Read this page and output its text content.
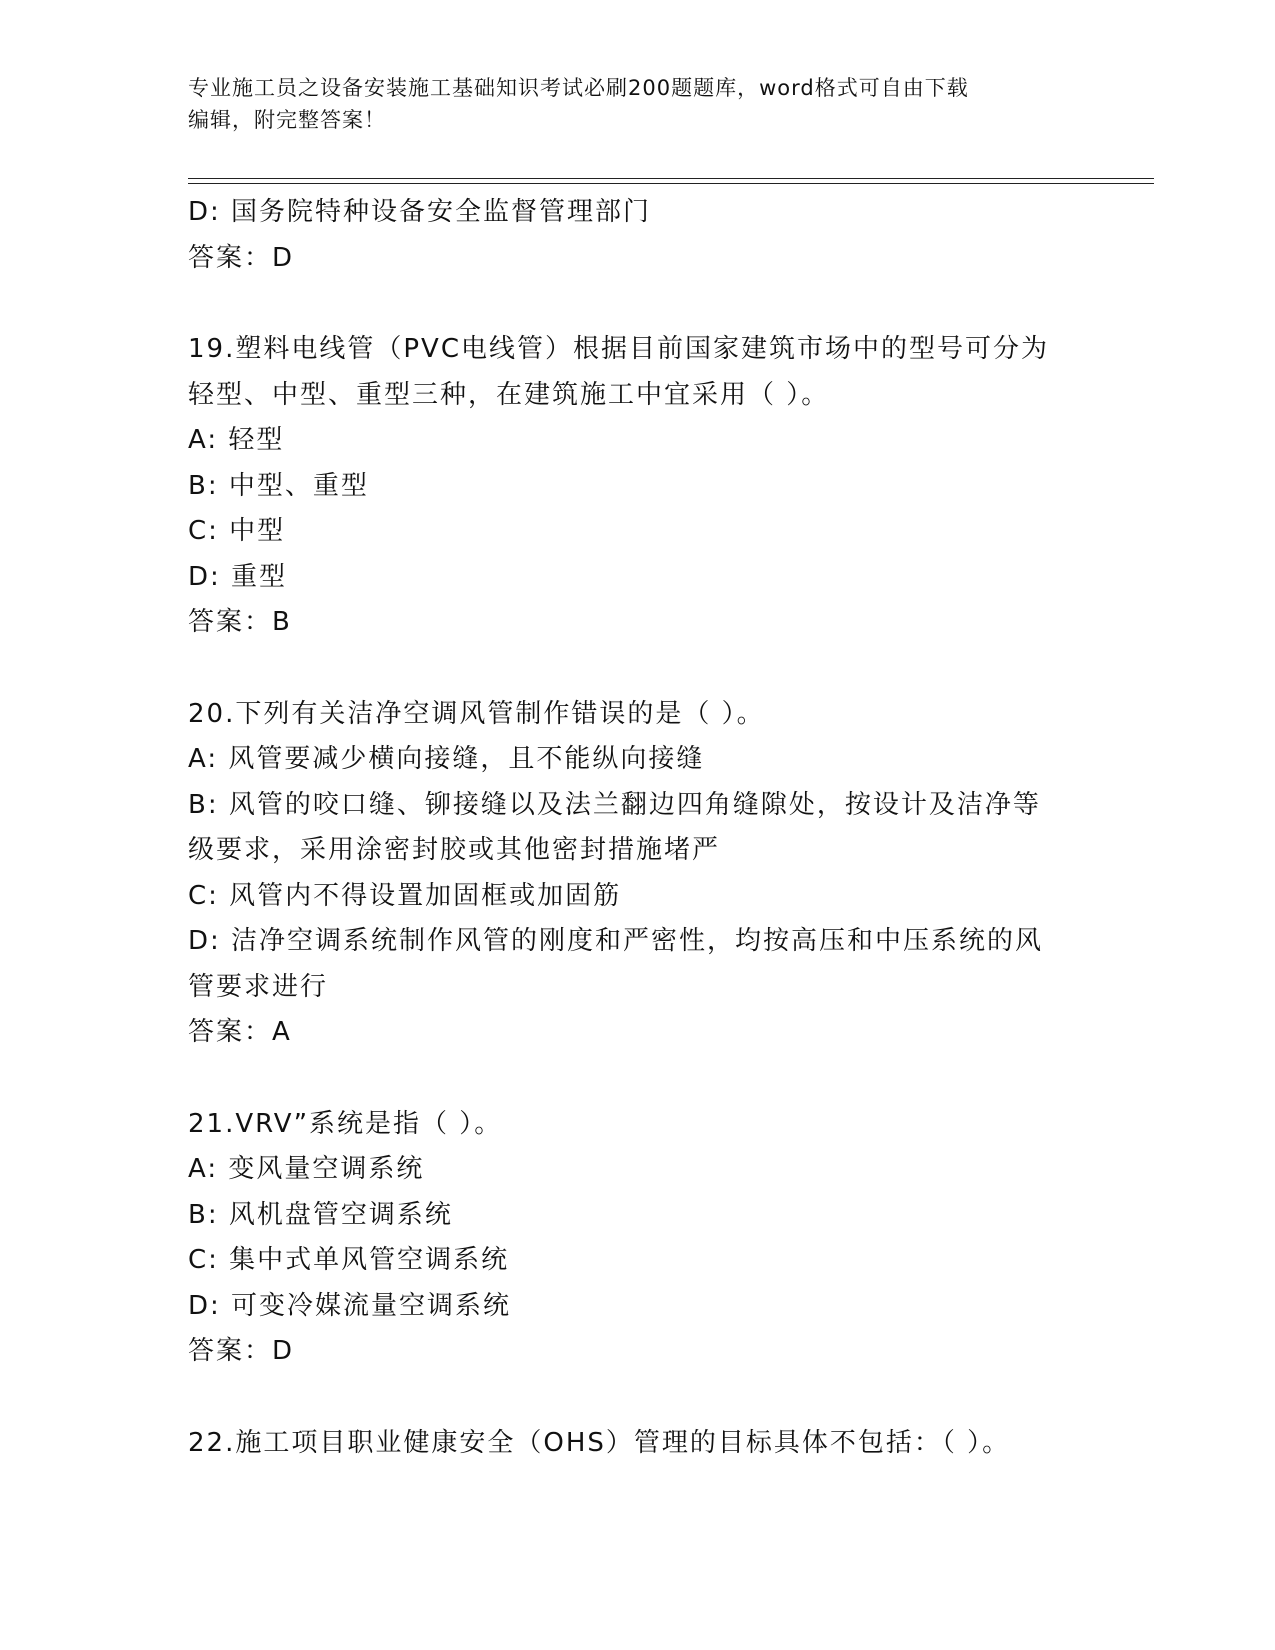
专业施工员之设备安装施工基础知识考试必刷200题题库，word格式可自由下载
编辑，附完整答案！
D: 国务院特种设备安全监督管理部门
答案：D
19.塑料电线管（PVC电线管）根据目前国家建筑市场中的型号可分为
轻型、中型、重型三种，在建筑施工中宜采用（ ）。
A: 轻型
B: 中型、重型
C: 中型
D: 重型
答案：B
20.下列有关洁净空调风管制作错误的是（ ）。
A: 风管要减少横向接缝，且不能纵向接缝
B: 风管的咬口缝、铆接缝以及法兰翻边四角缝隙处，按设计及洁净等
级要求，采用涂密封胶或其他密封措施堵严
C: 风管内不得设置加固框或加固筋
D: 洁净空调系统制作风管的刚度和严密性，均按高压和中压系统的风
管要求进行
答案：A
21.VRV”系统是指（ ）。
A: 变风量空调系统
B: 风机盘管空调系统
C: 集中式单风管空调系统
D: 可变冷媒流量空调系统
答案：D
22.施工项目职业健康安全（OHS）管理的目标具体不包括：（ ）。
